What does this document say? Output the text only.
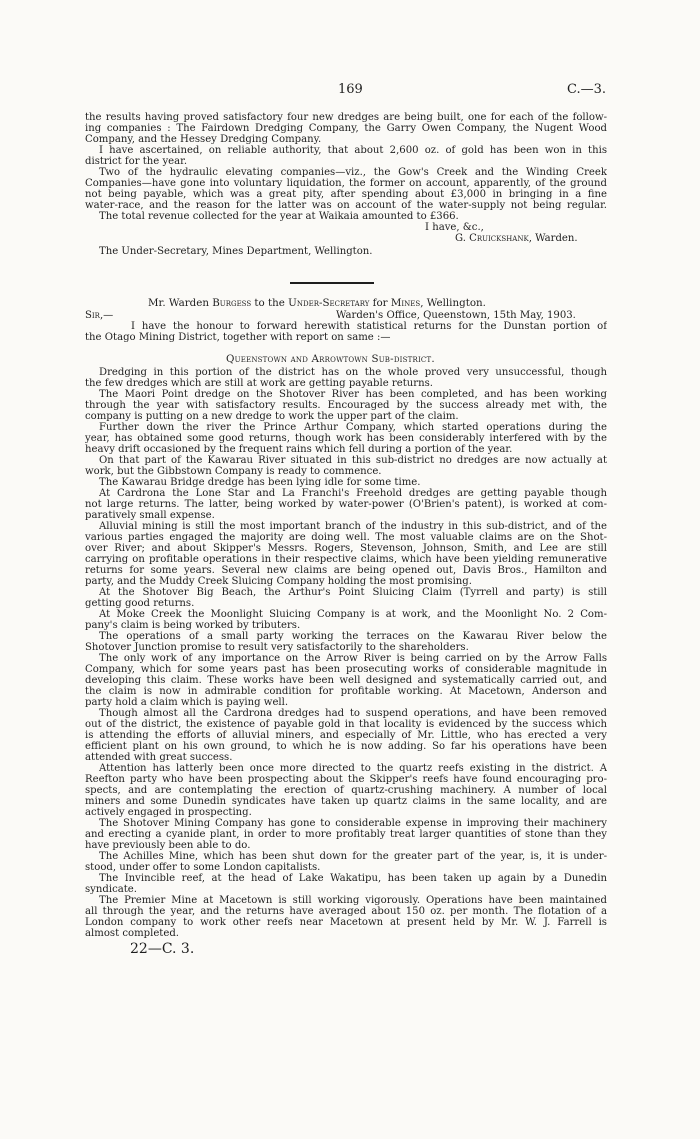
169	C.—3.
the results having proved satisfactory four new dredges are being built, one for each of the follow-
ing companies : The Fairdown Dredging Company, the Garry Owen Company, the Nugent Wood
Company, and the Hessey Dredging Company.
I have ascertained, on reliable authority, that about 2,600 oz. of gold has been won in this
district for the year.
Two of the hydraulic elevating companies—viz., the Gow's Creek and the Winding Creek
Companies—have gone into voluntary liquidation, the former on account, apparently, of the ground
not being payable, which was a great pity, after spending about £3,000 in bringing in a fine
water-race, and the reason for the latter was on account of the water-supply not being regular.
The total revenue collected for the year at Waikaia amounted to £366.
I have, &c.,
G. Cruickshank, Warden.
The Under-Secretary, Mines Department, Wellington.
Mr. Warden Burgess to the Under-Secretary for Mines, Wellington.
Sir,—	Warden's Office, Queenstown, 15th May, 1903.
I have the honour to forward herewith statistical returns for the Dunstan portion of
the Otago Mining District, together with report on same :—
Queenstown and Arrowtown Sub-district.
Dredging in this portion of the district has on the whole proved very unsuccessful, though
the few dredges which are still at work are getting payable returns.
The Maori Point dredge on the Shotover River has been completed, and has been working
through the year with satisfactory results. Encouraged by the success already met with, the
company is putting on a new dredge to work the upper part of the claim.
Further down the river the Prince Arthur Company, which started operations during the
year, has obtained some good returns, though work has been considerably interfered with by the
heavy drift occasioned by the frequent rains which fell during a portion of the year.
On that part of the Kawarau River situated in this sub-district no dredges are now actually at
work, but the Gibbstown Company is ready to commence.
The Kawarau Bridge dredge has been lying idle for some time.
At Cardrona the Lone Star and La Franchi's Freehold dredges are getting payable though
not large returns. The latter, being worked by water-power (O'Brien's patent), is worked at com-
paratively small expense.
Alluvial mining is still the most important branch of the industry in this sub-district, and of the
various parties engaged the majority are doing well. The most valuable claims are on the Shot-
over River; and about Skipper's Messrs. Rogers, Stevenson, Johnson, Smith, and Lee are still
carrying on profitable operations in their respective claims, which have been yielding remunerative
returns for some years. Several new claims are being opened out, Davis Bros., Hamilton and
party, and the Muddy Creek Sluicing Company holding the most promising.
At the Shotover Big Beach, the Arthur's Point Sluicing Claim (Tyrrell and party) is still
getting good returns.
At Moke Creek the Moonlight Sluicing Company is at work, and the Moonlight No. 2 Com-
pany's claim is being worked by tributers.
The operations of a small party working the terraces on the Kawarau River below the
Shotover Junction promise to result very satisfactorily to the shareholders.
The only work of any importance on the Arrow River is being carried on by the Arrow Falls
Company, which for some years past has been prosecuting works of considerable magnitude in
developing this claim. These works have been well designed and systematically carried out, and
the claim is now in admirable condition for profitable working. At Macetown, Anderson and
party hold a claim which is paying well.
Though almost all the Cardrona dredges had to suspend operations, and have been removed
out of the district, the existence of payable gold in that locality is evidenced by the success which
is attending the efforts of alluvial miners, and especially of Mr. Little, who has erected a very
efficient plant on his own ground, to which he is now adding. So far his operations have been
attended with great success.
Attention has latterly been once more directed to the quartz reefs existing in the district. A
Reefton party who have been prospecting about the Skipper's reefs have found encouraging pro-
spects, and are contemplating the erection of quartz-crushing machinery. A number of local
miners and some Dunedin syndicates have taken up quartz claims in the same locality, and are
actively engaged in prospecting.
The Shotover Mining Company has gone to considerable expense in improving their machinery
and erecting a cyanide plant, in order to more profitably treat larger quantities of stone than they
have previously been able to do.
The Achilles Mine, which has been shut down for the greater part of the year, is, it is under-
stood, under offer to some London capitalists.
The Invincible reef, at the head of Lake Wakatipu, has been taken up again by a Dunedin
syndicate.
The Premier Mine at Macetown is still working vigorously. Operations have been maintained
all through the year, and the returns have averaged about 150 oz. per month. The flotation of a
London company to work other reefs near Macetown at present held by Mr. W. J. Farrell is
almost completed.
22—C. 3.
